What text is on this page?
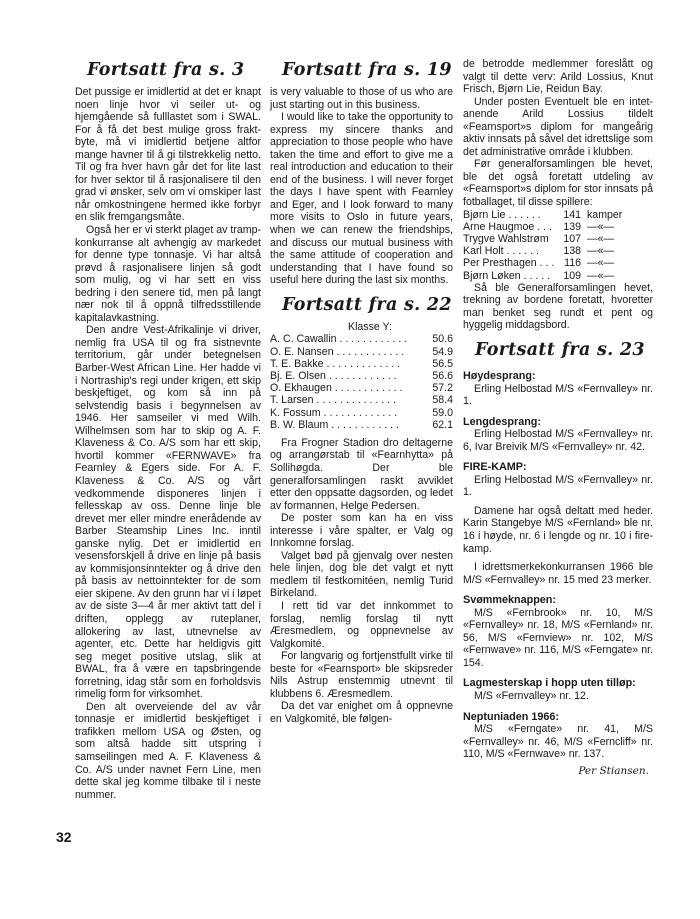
Fortsatt fra s. 3

Det pussige er imidlertid at det er knapt noen linje hvor vi seiler ut- og hjemgående så fulllastet som i SWAL. For å få det best mulige gross frakt-byte, må vi imidlertid betjene altfor mange havner til å gi tilstrekkelig netto. Til og fra hver havn går det for lite last for hver sektor til å rasjonalisere til den grad vi ønsker, selv om vi omskiper last når omkostningene hermed ikke forbyr en slik fremgangsmåte.

Også her er vi sterkt plaget av tramp-konkurranse alt avhengig av markedet for denne type tonnasje. Vi har altså prøvd å rasjonalisere linjen så godt som mulig, og vi har sett en viss bedring i den senere tid, men på langt nær nok til å oppnå tilfredsstillende kapitalavkastning.

Den andre Vest-Afrikalinje vi driver, nemlig fra USA til og fra sistnevnte territorium, går under betegnelsen Barber-West African Line. Her hadde vi i Nortraship's regi under krigen, ett skip beskjeftiget, og kom så inn på selvstendig basis i begynnelsen av 1946. Her samseiler vi med Wilh. Wilhelmsen som har to skip og A. F. Klaveness & Co. A/S som har ett skip, hvortil kommer «FERNWAVE» fra Fearnley & Egers side. For A. F. Klaveness & Co. A/S og vårt vedkommende disponeres linjen i fellesskap av oss. Denne linje ble drevet mer eller mindre enerådende av Barber Steamship Lines Inc. inntil ganske nylig. Det er imidlertid en vesensforskjell å drive en linje på basis av kommisjonsinntekter og å drive den på basis av nettoinntekter for de som eier skipene. Av den grunn har vi i løpet av de siste 3—4 år mer aktivt tatt del i driften, opplegg av ruteplaner, allokering av last, utnevnelse av agenter, etc. Dette har heldigvis gitt seg meget positive utslag, slik at BWAL, fra å være en tapsbringende forretning, idag står som en forholdsvis rimelig form for virksomhet.

Den alt overveiende del av vår tonnasje er imidlertid beskjeftiget i trafikken mellom USA og Østen, og som altså hadde sitt utspring i samseilingen med A. F. Klaveness & Co. A/S under navnet Fern Line, men dette skal jeg komme tilbake til i neste nummer.

Fortsatt fra s. 19

is very valuable to those of us who are just starting out in this business.

I would like to take the opportunity to express my sincere thanks and appreciation to those people who have taken the time and effort to give me a real introduction and education to their end of the business. I will never forget the days I have spent with Fearnley and Eger, and I look forward to many more visits to Oslo in future years, when we can renew the friendships, and discuss our mutual business with the same attitude of cooperation and understanding that I have found so useful here during the last six months.

Fortsatt fra s. 22
Klasse Y:
A. C. Cawallin . . . . . . . . . . . .	50.6
O. E. Nansen . . . . . . . . . . . .	54.9
T. E. Bakke . . . . . . . . . . . . .	56.5
Bj. E. Olsen . . . . . . . . . . . .	56.6
O. Ekhaugen . . . . . . . . . . . .	57.2
T. Larsen . . . . . . . . . . . . . .	58.4
K. Fossum . . . . . . . . . . . . .	59.0
B. W. Blaum . . . . . . . . . . . .	62.1

Fra Frogner Stadion dro deltagerne og arrangørstab til «Fearnhytta» på Sollihøgda. Der ble generalforsamlingen raskt avviklet etter den oppsatte dagsorden, og ledet av formannen, Helge Pedersen.

De poster som kan ha en viss interesse i våre spalter, er Valg og Innkomne forslag.

Valget bød på gjenvalg over nesten hele linjen, dog ble det valgt et nytt medlem til festkomitéen, nemlig Turid Birkeland.

I rett tid var det innkommet to forslag, nemlig forslag til nytt Æresmedlem, og oppnevnelse av Valgkomité.

For langvarig og fortjenstfullt virke til beste for «Fearnsport» ble skipsreder Nils Astrup enstemmig utnevnt til klubbens 6. Æresmedlem.

Da det var enighet om å oppnevne en Valgkomité, ble følgen-

de betrodde medlemmer foreslått og valgt til dette verv: Arild Lossius, Knut Frisch, Bjørn Lie, Reidun Bay.

Under posten Eventuelt ble en intet-anende Arild Lossius tildelt «Fearnsport»s diplom for mangeårig aktiv innsats på såvel det idrettslige som det administrative område i klubben.

Før generalforsamlingen ble hevet, ble det også foretatt utdeling av «Fearnsport»s diplom for stor innsats på fotballaget, til disse spillere:

Bjørn Lie . . . . . .	141	kamper
Arne Haugmoe . . .	139	—«—
Trygve Wahlstrøm	107	—«—
Karl Holt . . . . . .	138	—«—
Per Presthagen . . .	116	—«—
Bjørn Løken . . . . .	109	—«—

Så ble Generalforsamlingen hevet, trekning av bordene foretatt, hvoretter man benket seg rundt et pent og hyggelig middagsbord.

Fortsatt fra s. 23
Høydesprang:

Erling Helbostad M/S «Fernvalley» nr. 1.

Lengdesprang:

Erling Helbostad M/S «Fernvalley» nr. 6, Ivar Breivik M/S «Fernvalley» nr. 42.

FIRE-KAMP:

Erling Helbostad M/S «Fernvalley» nr. 1.

Damene har også deltatt med heder. Karin Stangebye M/S «Fernland» ble nr. 16 i høyde, nr. 6 i lengde og nr. 10 i fire-kamp.

I idrettsmerkekonkurransen 1966 ble M/S «Fernvalley» nr. 15 med 23 merker.

Svømmeknappen:

M/S «Fernbrook» nr. 10, M/S «Fernvalley» nr. 18, M/S «Fernland» nr. 56, M/S «Fernview» nr. 102, M/S «Fernwave» nr. 116, M/S «Ferngate» nr. 154.

Lagmesterskap i hopp uten tilløp:

M/S «Fernvalley» nr. 12.

Neptuniaden 1966:

M/S «Ferngate» nr. 41, M/S «Fernvalley» nr. 46, M/S «Ferncliff» nr. 110, M/S «Fernwave» nr. 137.

Per Stiansen.
32
